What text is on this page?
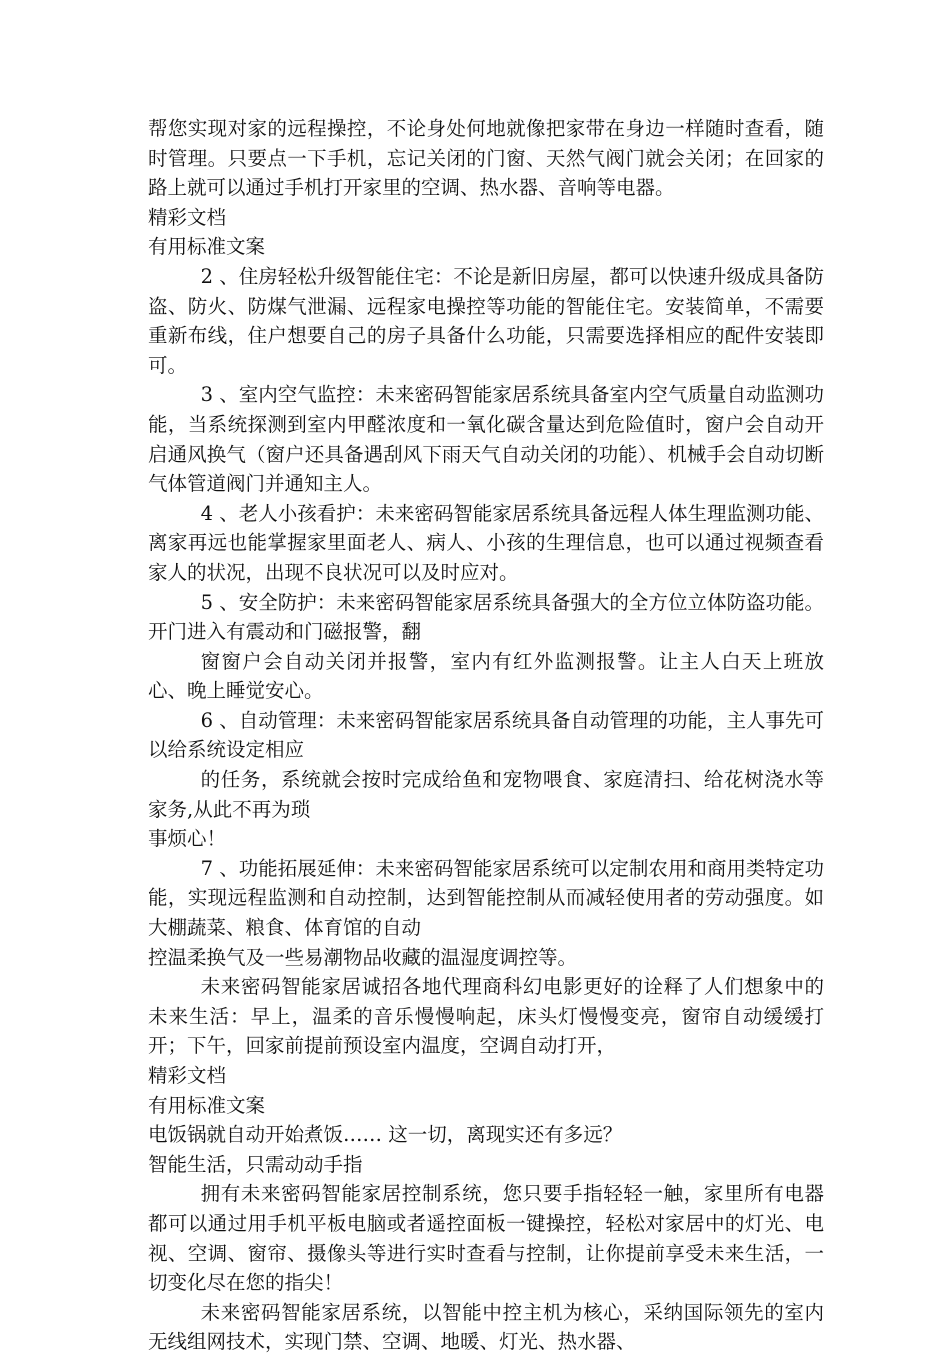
帮您实现对家的远程操控，不论身处何地就像把家带在身边一样随时查看，随时管理。只要点一下手机，忘记关闭的门窗、天然气阀门就会关闭；在回家的路上就可以通过手机打开家里的空调、热水器、音响等电器。

精彩文档

有用标准文案

2 、住房轻松升级智能住宅：不论是新旧房屋，都可以快速升级成具备防盗、防火、防煤气泄漏、远程家电操控等功能的智能住宅。安装简单，不需要重新布线，住户想要自己的房子具备什么功能，只需要选择相应的配件安装即可。

3 、室内空气监控：未来密码智能家居系统具备室内空气质量自动监测功能，当系统探测到室内甲醛浓度和一氧化碳含量达到危险值时，窗户会自动开启通风换气（窗户还具备遇刮风下雨天气自动关闭的功能）、机械手会自动切断气体管道阀门并通知主人。

4 、老人小孩看护：未来密码智能家居系统具备远程人体生理监测功能、离家再远也能掌握家里面老人、病人、小孩的生理信息，也可以通过视频查看家人的状况，出现不良状况可以及时应对。

5 、安全防护：未来密码智能家居系统具备强大的全方位立体防盗功能。开门进入有震动和门磁报警，翻

窗窗户会自动关闭并报警，室内有红外监测报警。让主人白天上班放心、晚上睡觉安心。

6 、自动管理：未来密码智能家居系统具备自动管理的功能，主人事先可以给系统设定相应

的任务，系统就会按时完成给鱼和宠物喂食、家庭清扫、给花树浇水等家务,从此不再为琐

事烦心！

7 、功能拓展延伸：未来密码智能家居系统可以定制农用和商用类特定功能，实现远程监测和自动控制，达到智能控制从而减轻使用者的劳动强度。如大棚蔬菜、粮食、体育馆的自动

控温柔换气及一些易潮物品收藏的温湿度调控等。

未来密码智能家居诚招各地代理商科幻电影更好的诠释了人们想象中的未来生活：早上，温柔的音乐慢慢响起，床头灯慢慢变亮，窗帘自动缓缓打开；下午，回家前提前预设室内温度，空调自动打开，

精彩文档

有用标准文案

电饭锅就自动开始煮饭…… 这一切，离现实还有多远？

智能生活，只需动动手指

拥有未来密码智能家居控制系统，您只要手指轻轻一触，家里所有电器都可以通过用手机平板电脑或者遥控面板一键操控，轻松对家居中的灯光、电视、空调、窗帘、摄像头等进行实时查看与控制，让你提前享受未来生活，一切变化尽在您的指尖！

未来密码智能家居系统，以智能中控主机为核心，采纳国际领先的室内无线组网技术，实现门禁、空调、地暖、灯光、热水器、
